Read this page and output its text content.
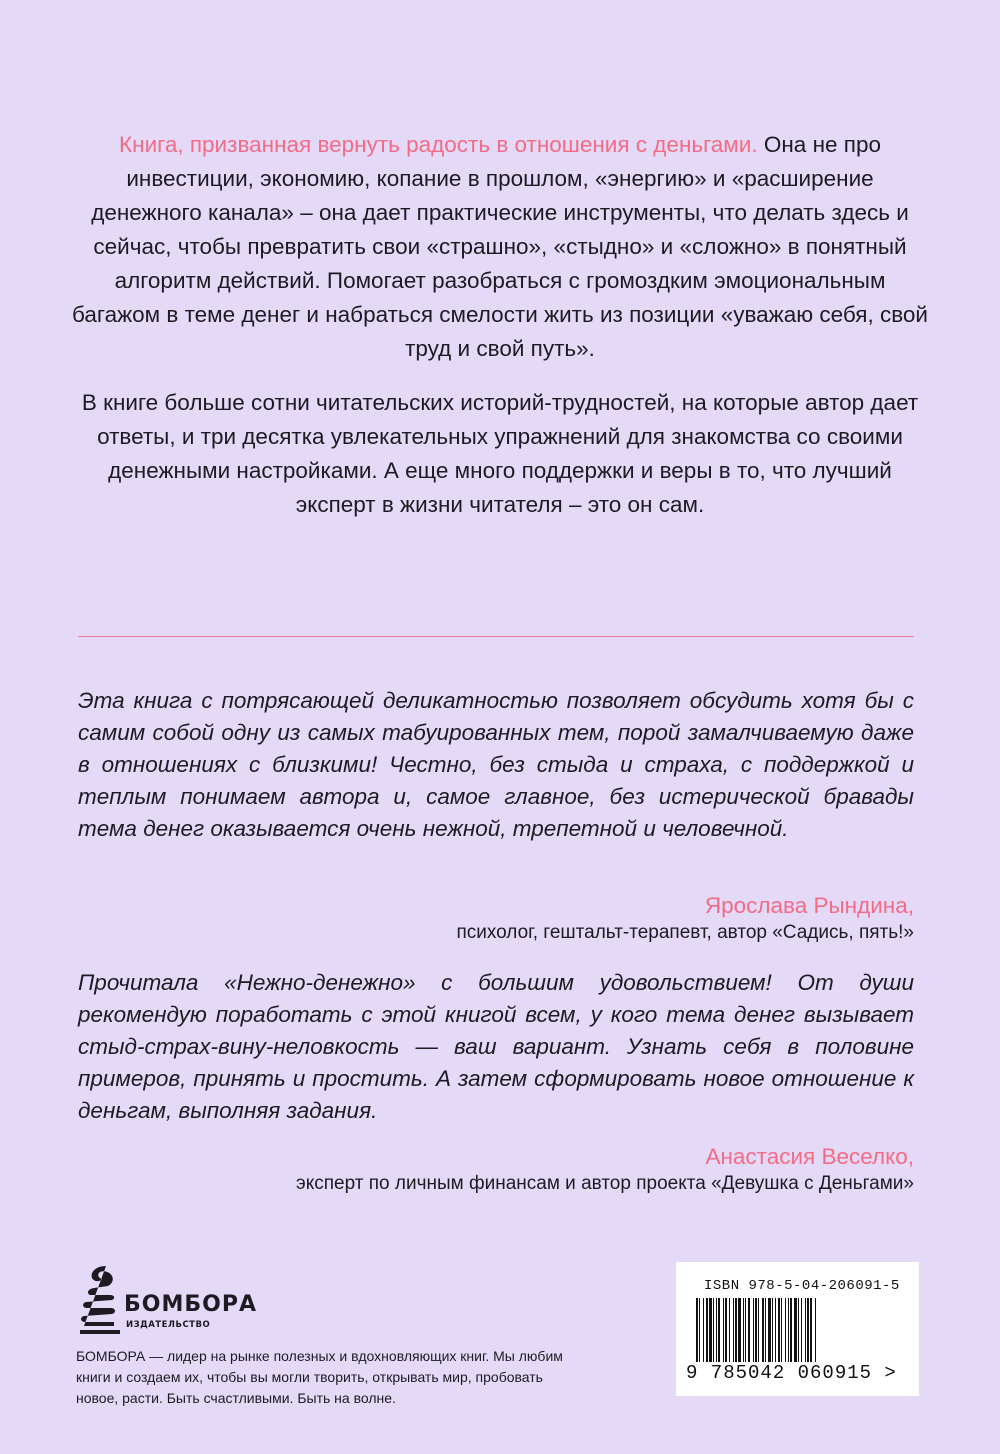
Книга, призванная вернуть радость в отношения с деньгами. Она не про инвестиции, экономию, копание в прошлом, «энергию» и «расширение денежного канала» – она дает практические инструменты, что делать здесь и сейчас, чтобы превратить свои «страшно», «стыдно» и «сложно» в понятный алгоритм действий. Помогает разобраться с громоздким эмоциональным багажом в теме денег и набраться смелости жить из позиции «уважаю себя, свой труд и свой путь».

В книге больше сотни читательских историй-трудностей, на которые автор дает ответы, и три десятка увлекательных упражнений для знакомства со своими денежными настройками. А еще много поддержки и веры в то, что лучший эксперт в жизни читателя – это он сам.

Эта книга с потрясающей деликатностью позволяет обсудить хотя бы с самим собой одну из самых табуированных тем, порой замалчиваемую даже в отношениях с близкими! Честно, без стыда и страха, с поддержкой и теплым понимаем автора и, самое главное, без истерической бравады тема денег оказывается очень нежной, трепетной и человечной.

Ярослава Рындина,
психолог, гештальт-терапевт, автор «Садись, пять!»

Прочитала «Нежно-денежно» с большим удовольствием! От души рекомендую поработать с этой книгой всем, у кого тема денег вызывает стыд-страх-вину-неловкость — ваш вариант. Узнать себя в половине примеров, принять и простить. А затем сформировать новое отношение к деньгам, выполняя задания.

Анастасия Веселко,
эксперт по личным финансам и автор проекта «Девушка с Деньгами»
БОМБОРА
ИЗДАТЕЛЬСТВО

БОМБОРА — лидер на рынке полезных и вдохновляющих книг. Мы любим книги и создаем их, чтобы вы могли творить, открывать мир, пробовать новое, расти. Быть счастливыми. Быть на волне.

ISBN 978-5-04-206091-5
9 785042 060915 >
